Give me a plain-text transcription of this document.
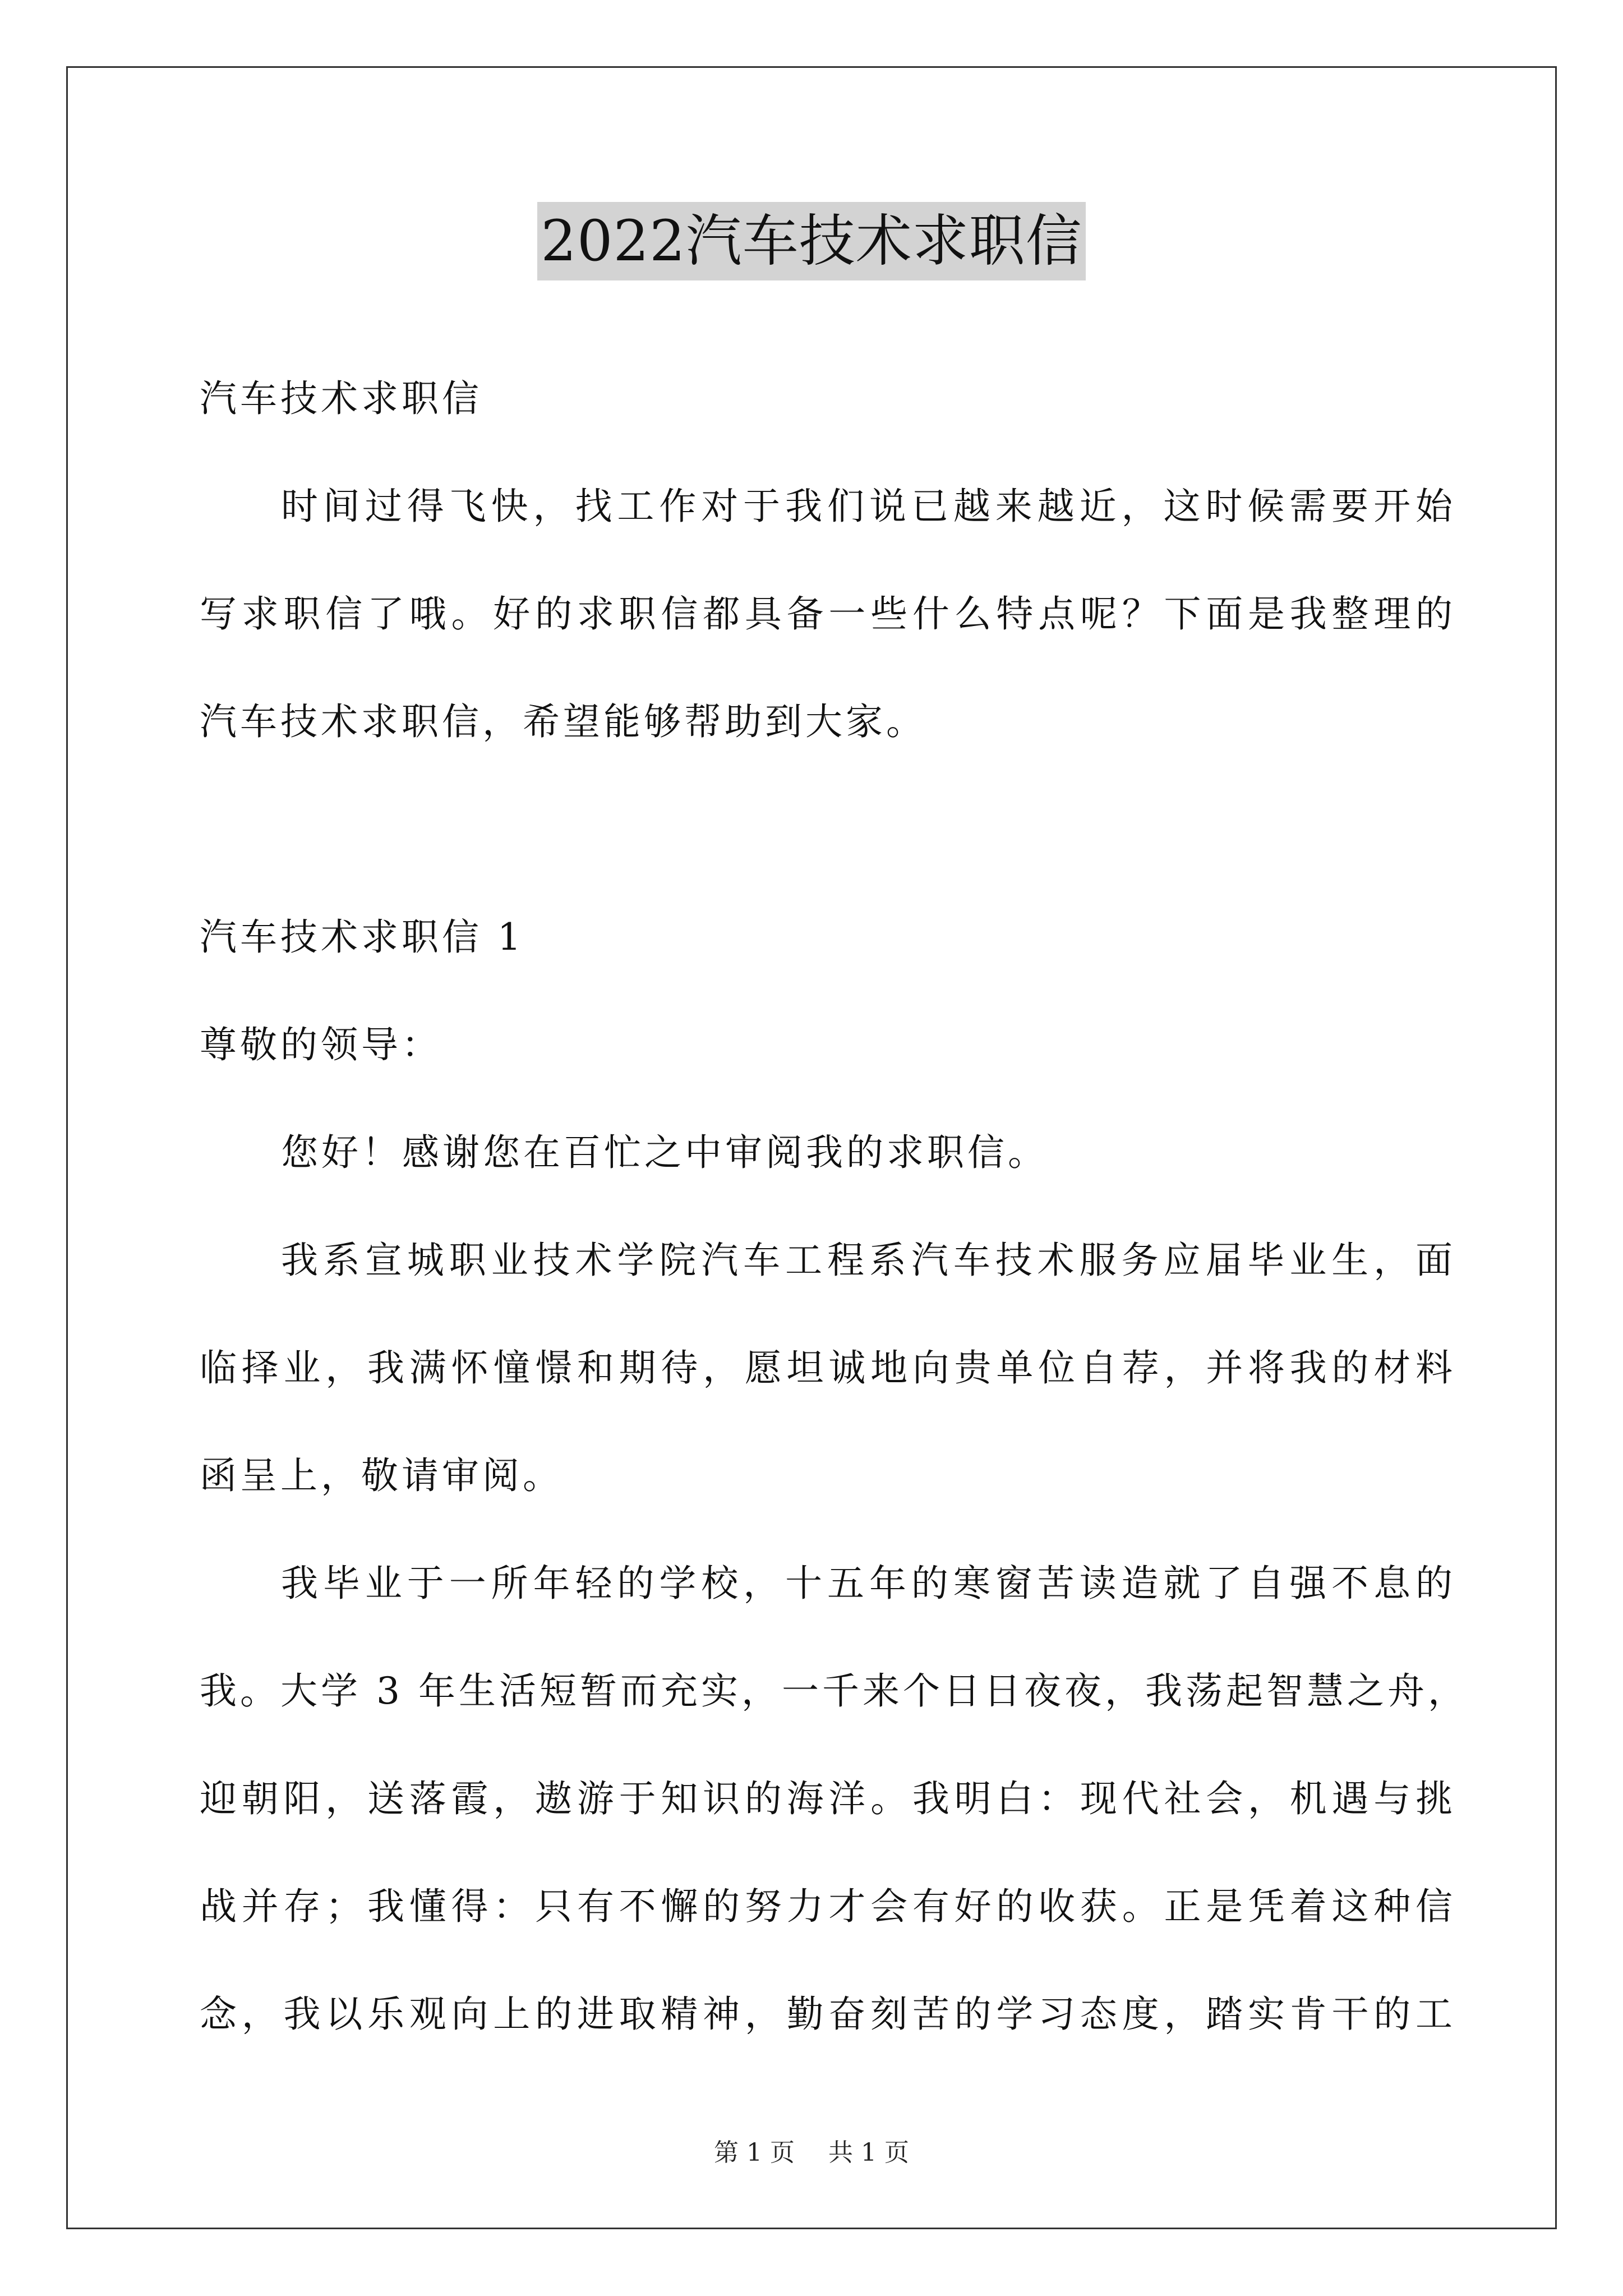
2022汽车技术求职信
汽车技术求职信
时间过得飞快，找工作对于我们说已越来越近，这时候需要开始
写求职信了哦。好的求职信都具备一些什么特点呢？下面是我整理的
汽车技术求职信，希望能够帮助到大家。
汽车技术求职信 1
尊敬的领导：
您好！感谢您在百忙之中审阅我的求职信。
我系宣城职业技术学院汽车工程系汽车技术服务应届毕业生，面
临择业，我满怀憧憬和期待，愿坦诚地向贵单位自荐，并将我的材料
函呈上，敬请审阅。
我毕业于一所年轻的学校，十五年的寒窗苦读造就了自强不息的
我。大学 3 年生活短暂而充实，一千来个日日夜夜，我荡起智慧之舟，
迎朝阳，送落霞，遨游于知识的海洋。我明白：现代社会，机遇与挑
战并存；我懂得：只有不懈的努力才会有好的收获。正是凭着这种信
念，我以乐观向上的进取精神，勤奋刻苦的学习态度，踏实肯干的工
第 1 页 共 1 页
